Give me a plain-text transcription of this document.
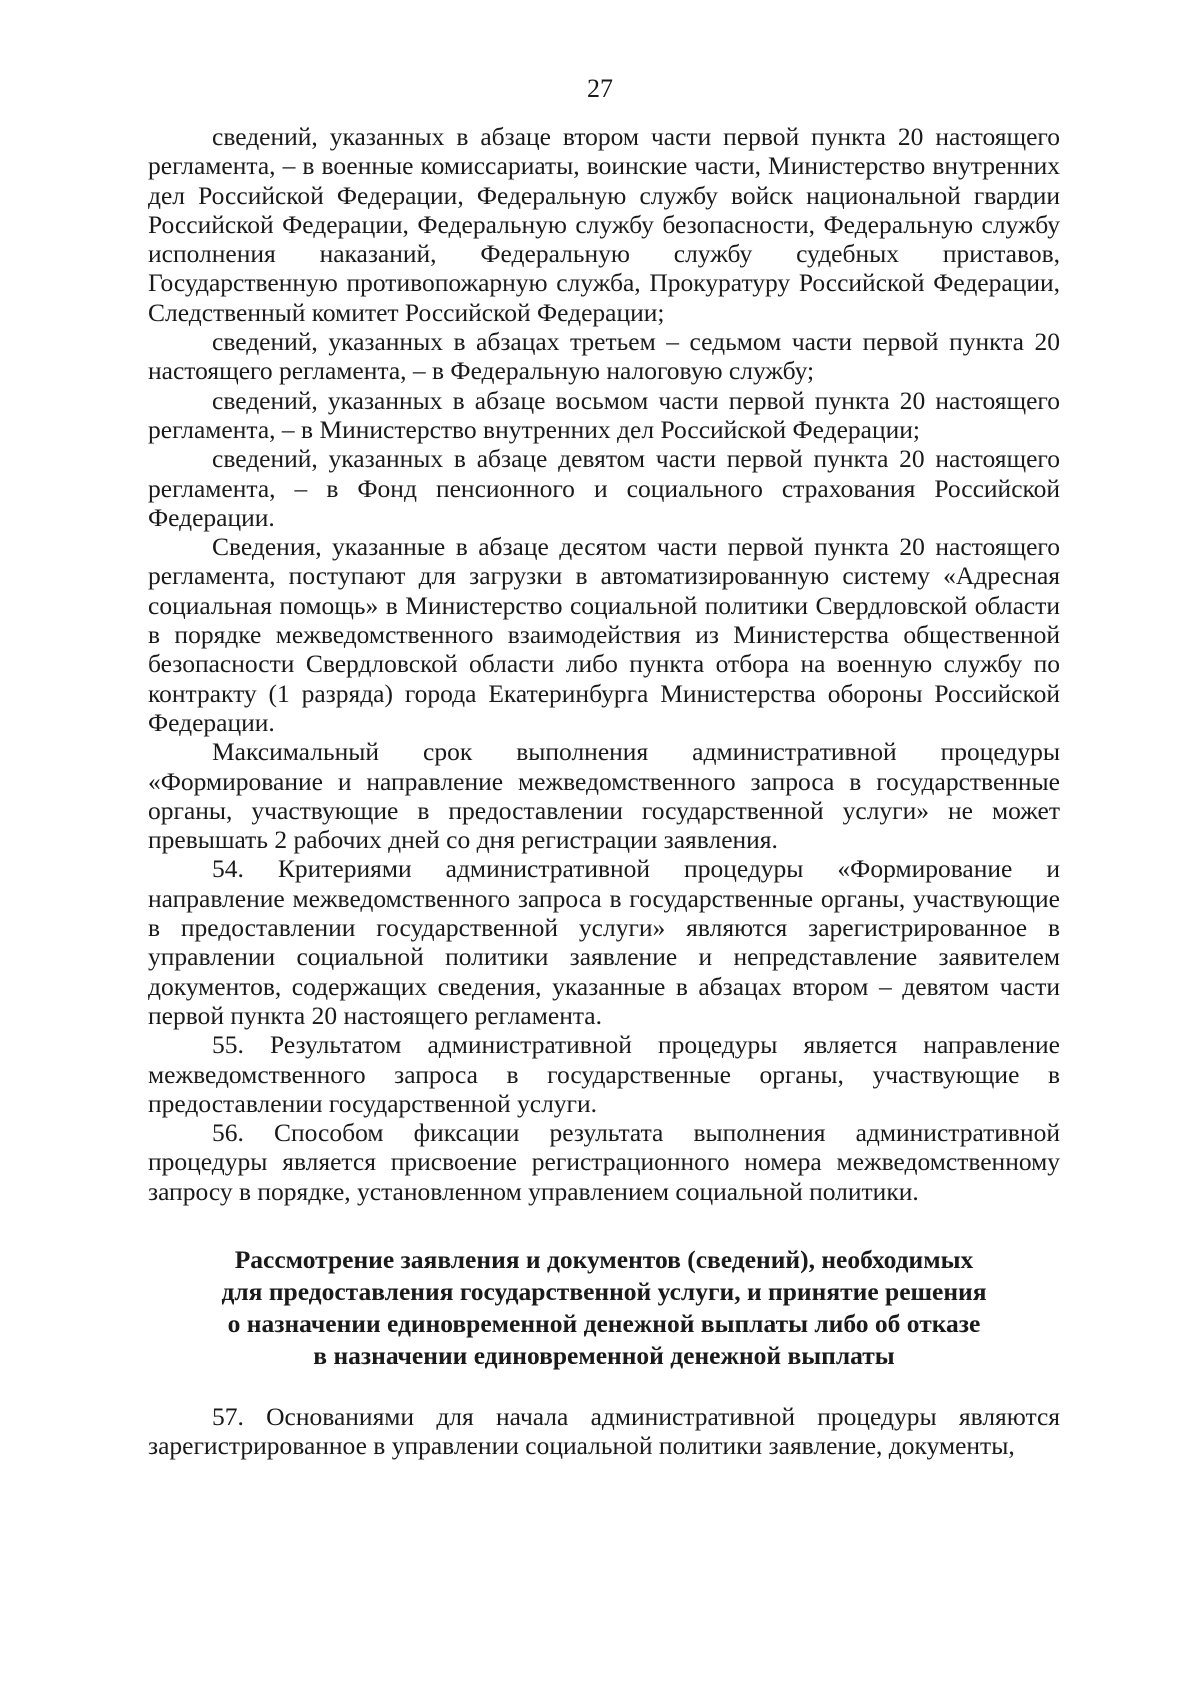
27

сведений, указанных в абзаце втором части первой пункта 20 настоящего регламента, – в военные комиссариаты, воинские части, Министерство внутренних дел Российской Федерации, Федеральную службу войск национальной гвардии Российской Федерации, Федеральную службу безопасности, Федеральную службу исполнения наказаний, Федеральную службу судебных приставов, Государственную противопожарную служба, Прокуратуру Российской Федерации, Следственный комитет Российской Федерации;

сведений, указанных в абзацах третьем – седьмом части первой пункта 20 настоящего регламента, – в Федеральную налоговую службу;

сведений, указанных в абзаце восьмом части первой пункта 20 настоящего регламента, – в Министерство внутренних дел Российской Федерации;

сведений, указанных в абзаце девятом части первой пункта 20 настоящего регламента, – в Фонд пенсионного и социального страхования Российской Федерации.

Сведения, указанные в абзаце десятом части первой пункта 20 настоящего регламента, поступают для загрузки в автоматизированную систему «Адресная социальная помощь» в Министерство социальной политики Свердловской области в порядке межведомственного взаимодействия из Министерства общественной безопасности Свердловской области либо пункта отбора на военную службу по контракту (1 разряда) города Екатеринбурга Министерства обороны Российской Федерации.

Максимальный срок выполнения административной процедуры «Формирование и направление межведомственного запроса в государственные органы, участвующие в предоставлении государственной услуги» не может превышать 2 рабочих дней со дня регистрации заявления.

54. Критериями административной процедуры «Формирование и направление межведомственного запроса в государственные органы, участвующие в предоставлении государственной услуги» являются зарегистрированное в управлении социальной политики заявление и непредставление заявителем документов, содержащих сведения, указанные в абзацах втором – девятом части первой пункта 20 настоящего регламента.

55. Результатом административной процедуры является направление межведомственного запроса в государственные органы, участвующие в предоставлении государственной услуги.

56. Способом фиксации результата выполнения административной процедуры является присвоение регистрационного номера межведомственному запросу в порядке, установленном управлением социальной политики.

Рассмотрение заявления и документов (сведений), необходимых
для предоставления государственной услуги, и принятие решения
о назначении единовременной денежной выплаты либо об отказе
в назначении единовременной денежной выплаты

57. Основаниями для начала административной процедуры являются зарегистрированное в управлении социальной политики заявление, документы,
